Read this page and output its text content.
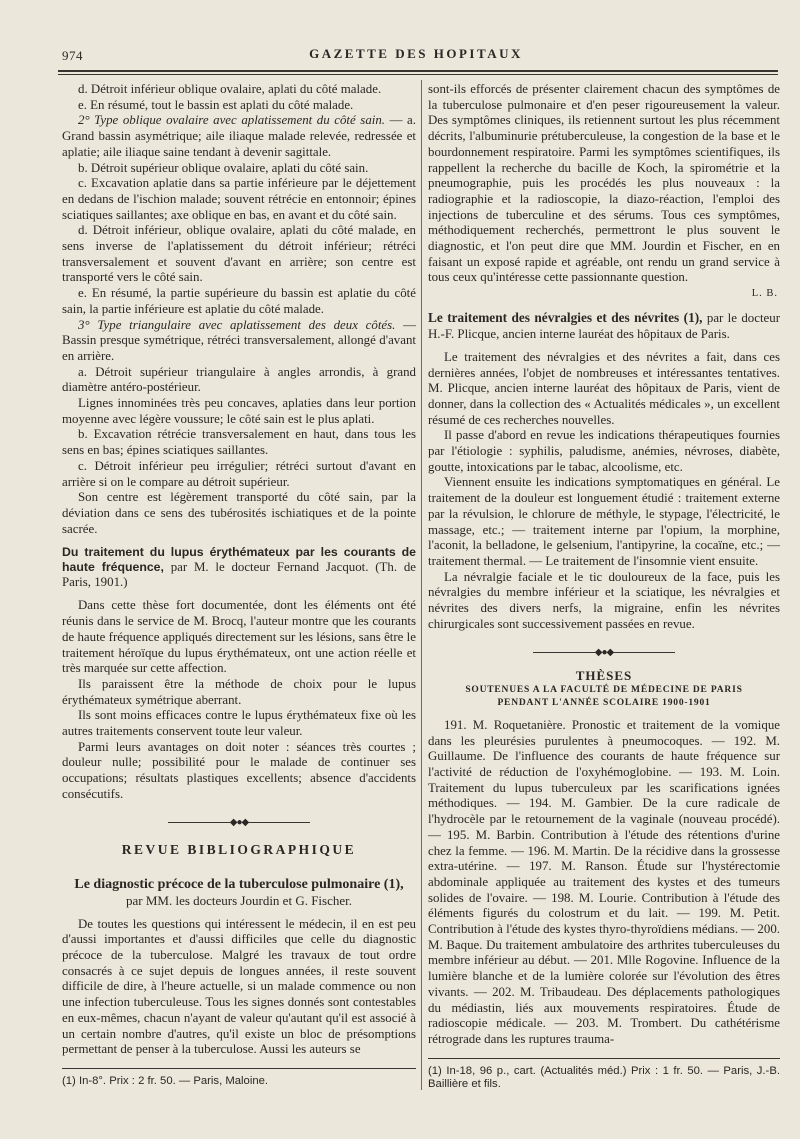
974	GAZETTE DES HOPITAUX

d. Détroit inférieur oblique ovalaire, aplati du côté malade.

e. En résumé, tout le bassin est aplati du côté malade.

2° Type oblique ovalaire avec aplatissement du côté sain. — a. Grand bassin asymétrique; aile iliaque malade relevée, redressée et aplatie; aile iliaque saine tendant à devenir sagittale.

b. Détroit supérieur oblique ovalaire, aplati du côté sain.

c. Excavation aplatie dans sa partie inférieure par le déjettement en dedans de l'ischion malade; souvent rétrécie en entonnoir; épines sciatiques saillantes; axe oblique en bas, en avant et du côté sain.

d. Détroit inférieur, oblique ovalaire, aplati du côté malade, en sens inverse de l'aplatissement du détroit inférieur; rétréci transversalement et souvent d'avant en arrière; son centre est transporté vers le côté sain.

e. En résumé, la partie supérieure du bassin est aplatie du côté sain, la partie inférieure est aplatie du côté malade.

3° Type triangulaire avec aplatissement des deux côtés. — Bassin presque symétrique, rétréci transversalement, allongé d'avant en arrière.

a. Détroit supérieur triangulaire à angles arrondis, à grand diamètre antéro-postérieur.

Lignes innominées très peu concaves, aplaties dans leur portion moyenne avec légère voussure; le côté sain est le plus aplati.

b. Excavation rétrécie transversalement en haut, dans tous les sens en bas; épines sciatiques saillantes.

c. Détroit inférieur peu irrégulier; rétréci surtout d'avant en arrière si on le compare au détroit supérieur.

Son centre est légèrement transporté du côté sain, par la déviation dans ce sens des tubérosités ischiatiques et de la pointe sacrée.

Du traitement du lupus érythémateux par les courants de haute fréquence, par M. le docteur Fernand Jacquot. (Th. de Paris, 1901.)

Dans cette thèse fort documentée, dont les éléments ont été réunis dans le service de M. Brocq, l'auteur montre que les courants de haute fréquence appliqués directement sur les lésions, sans être le traitement héroïque du lupus érythémateux, ont une action réelle et très marquée sur cette affection.

Ils paraissent être la méthode de choix pour le lupus érythémateux symétrique aberrant.

Ils sont moins efficaces contre le lupus érythémateux fixe où les autres traitements conservent toute leur valeur.

Parmi leurs avantages on doit noter : séances très courtes ; douleur nulle; possibilité pour le malade de continuer ses occupations; résultats plastiques excellents; absence d'accidents consécutifs.

◆●◆
REVUE BIBLIOGRAPHIQUE
Le diagnostic précoce de la tuberculose pulmonaire (1),
par MM. les docteurs Jourdin et G. Fischer.

De toutes les questions qui intéressent le médecin, il en est peu d'aussi importantes et d'aussi difficiles que celle du diagnostic précoce de la tuberculose. Malgré les travaux de tout ordre consacrés à ce sujet depuis de longues années, il reste souvent difficile de dire, à l'heure actuelle, si un malade commence ou non une infection tuberculeuse. Tous les signes donnés sont contestables en eux-mêmes, chacun n'ayant de valeur qu'autant qu'il est associé à un certain nombre d'autres, qu'il existe un bloc de présomptions permettant de penser à la tuberculose. Aussi les auteurs se

(1) In-8°. Prix : 2 fr. 50. — Paris, Maloine.

sont-ils efforcés de présenter clairement chacun des symptômes de la tuberculose pulmonaire et d'en peser rigoureusement la valeur. Des symptômes cliniques, ils retiennent surtout les plus récemment décrits, l'albuminurie prétuberculeuse, la congestion de la base et le bourdonnement respiratoire. Parmi les symptômes scientifiques, ils rappellent la recherche du bacille de Koch, la spirométrie et la pneumographie, puis les procédés les plus nouveaux : la radiographie et la radioscopie, la diazo-réaction, l'emploi des injections de tuberculine et des sérums. Tous ces symptômes, méthodiquement recherchés, permettront le plus souvent le diagnostic, et l'on peut dire que MM. Jourdin et Fischer, en en faisant un exposé rapide et agréable, ont rendu un grand service à tous ceux qu'intéresse cette passionnante question.

L. B.

Le traitement des névralgies et des névrites (1), par le docteur H.-F. Plicque, ancien interne lauréat des hôpitaux de Paris.

Le traitement des névralgies et des névrites a fait, dans ces dernières années, l'objet de nombreuses et intéressantes tentatives. M. Plicque, ancien interne lauréat des hôpitaux de Paris, vient de donner, dans la collection des « Actualités médicales », un excellent résumé de ces recherches nouvelles.

Il passe d'abord en revue les indications thérapeutiques fournies par l'étiologie : syphilis, paludisme, anémies, névroses, diabète, goutte, intoxications par le tabac, alcoolisme, etc.

Viennent ensuite les indications symptomatiques en général. Le traitement de la douleur est longuement étudié : traitement externe par la révulsion, le chlorure de méthyle, le stypage, l'électricité, le massage, etc.; — traitement interne par l'opium, la morphine, l'aconit, la belladone, le gelsenium, l'antipyrine, la cocaïne, etc.; — traitement thermal. — Le traitement de l'insomnie vient ensuite.

La névralgie faciale et le tic douloureux de la face, puis les névralgies du membre inférieur et la sciatique, les névralgies et névrites des divers nerfs, la migraine, enfin les névrites chirurgicales sont successivement passées en revue.

◆●◆
THÈSES
SOUTENUES A LA FACULTÉ DE MÉDECINE DE PARIS
PENDANT L'ANNÉE SCOLAIRE 1900-1901

191. M. Roquetanière. Pronostic et traitement de la vomique dans les pleurésies purulentes à pneumocoques. — 192. M. Guillaume. De l'influence des courants de haute fréquence sur l'activité de réduction de l'oxyhémoglobine. — 193. M. Loin. Traitement du lupus tuberculeux par les scarifications ignées méthodiques. — 194. M. Gambier. De la cure radicale de l'hydrocèle par le retournement de la vaginale (nouveau procédé). — 195. M. Barbin. Contribution à l'étude des rétentions d'urine chez la femme. — 196. M. Martin. De la récidive dans la grossesse extra-utérine. — 197. M. Ranson. Étude sur l'hystérectomie abdominale appliquée au traitement des kystes et des tumeurs solides de l'ovaire. — 198. M. Lourie. Contribution à l'étude des éléments figurés du colostrum et du lait. — 199. M. Petit. Contribution à l'étude des kystes thyro-thyroïdiens médians. — 200. M. Baque. Du traitement ambulatoire des arthrites tuberculeuses du membre inférieur au début. — 201. Mlle Rogovine. Influence de la lumière blanche et de la lumière colorée sur l'évolution des êtres vivants. — 202. M. Tribaudeau. Des déplacements pathologiques du médiastin, liés aux mouvements respiratoires. Étude de radioscopie médicale. — 203. M. Trombert. Du cathétérisme rétrograde dans les ruptures trauma-

(1) In-18, 96 p., cart. (Actualités méd.) Prix : 1 fr. 50. — Paris, J.-B. Baillière et fils.
